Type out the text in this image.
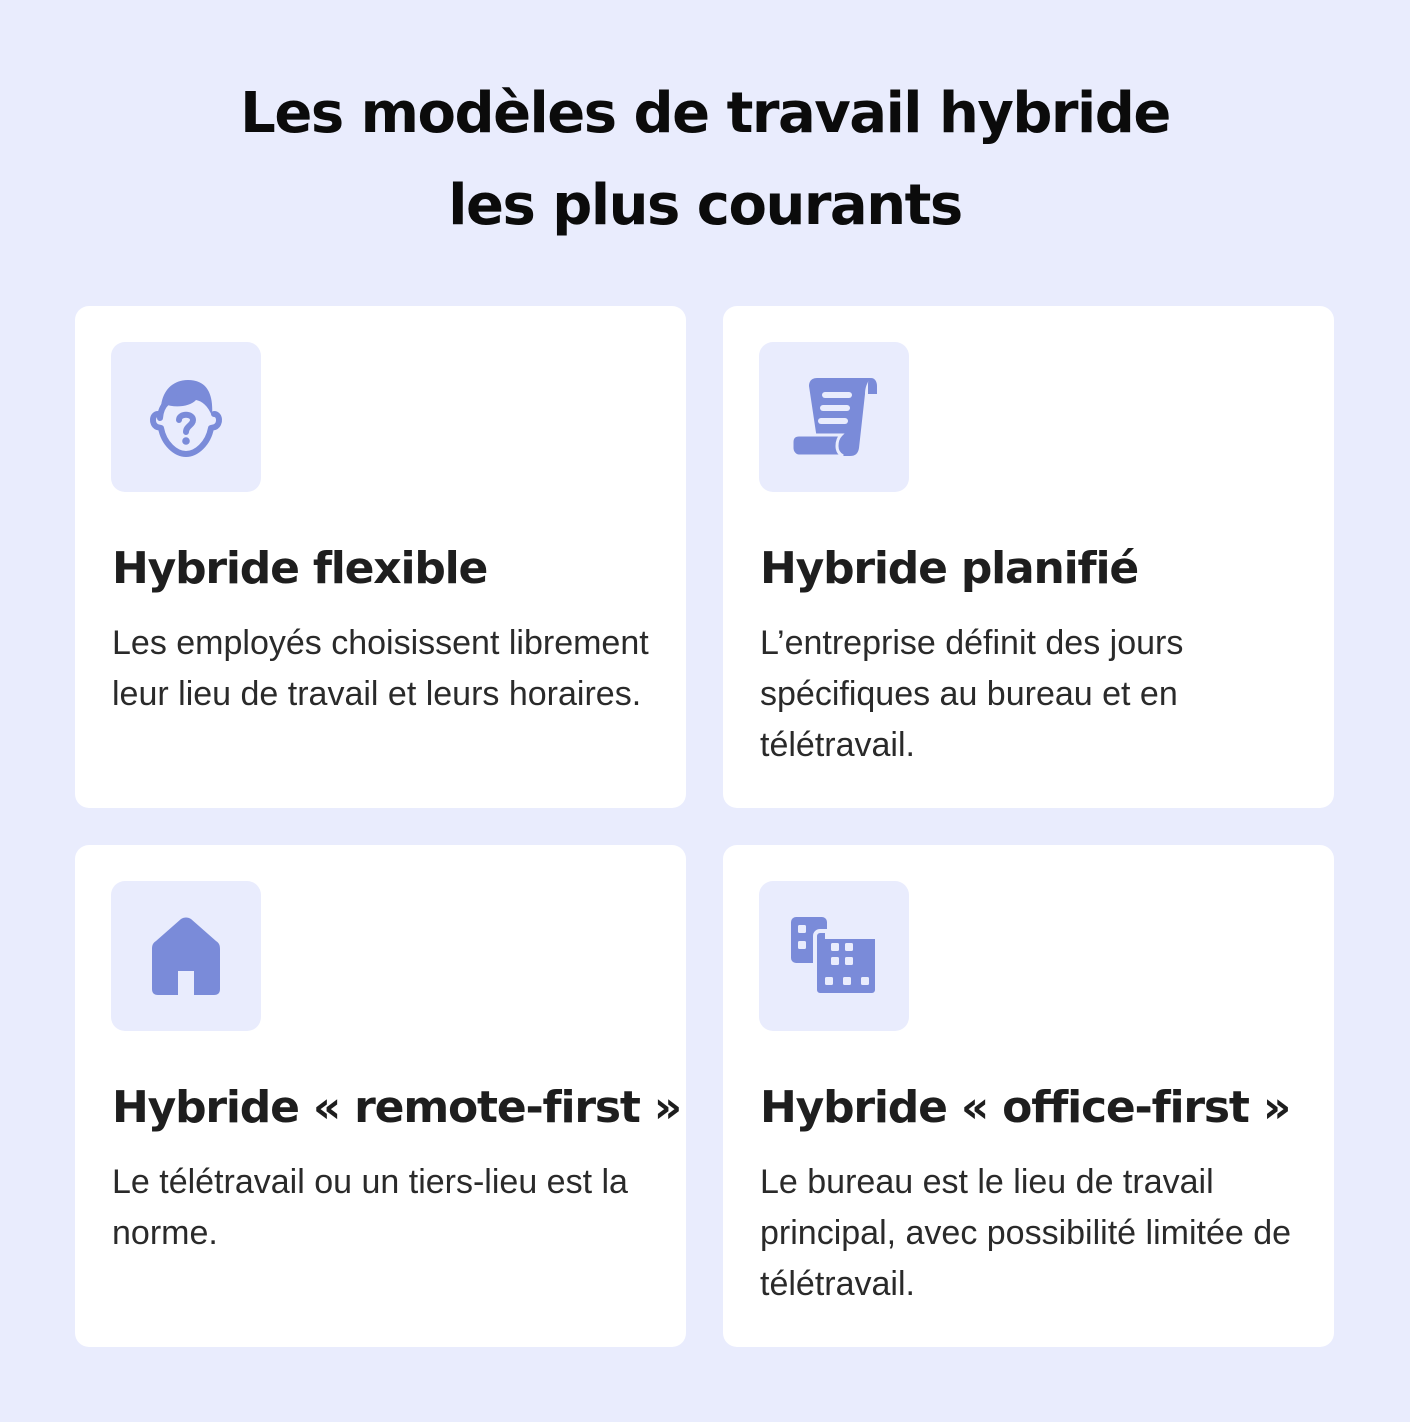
Les modèles de travail hybride
les plus courants
Hybride flexible

Les employés choisissent librement leur lieu de travail et leurs horaires.

Hybride planifié

L’entreprise définit des jours spécifiques au bureau et en télétravail.

Hybride « remote-first »

Le télétravail ou un tiers-lieu est la norme.

Hybride « office-first »

Le bureau est le lieu de travail principal, avec possibilité limitée de télétravail.
